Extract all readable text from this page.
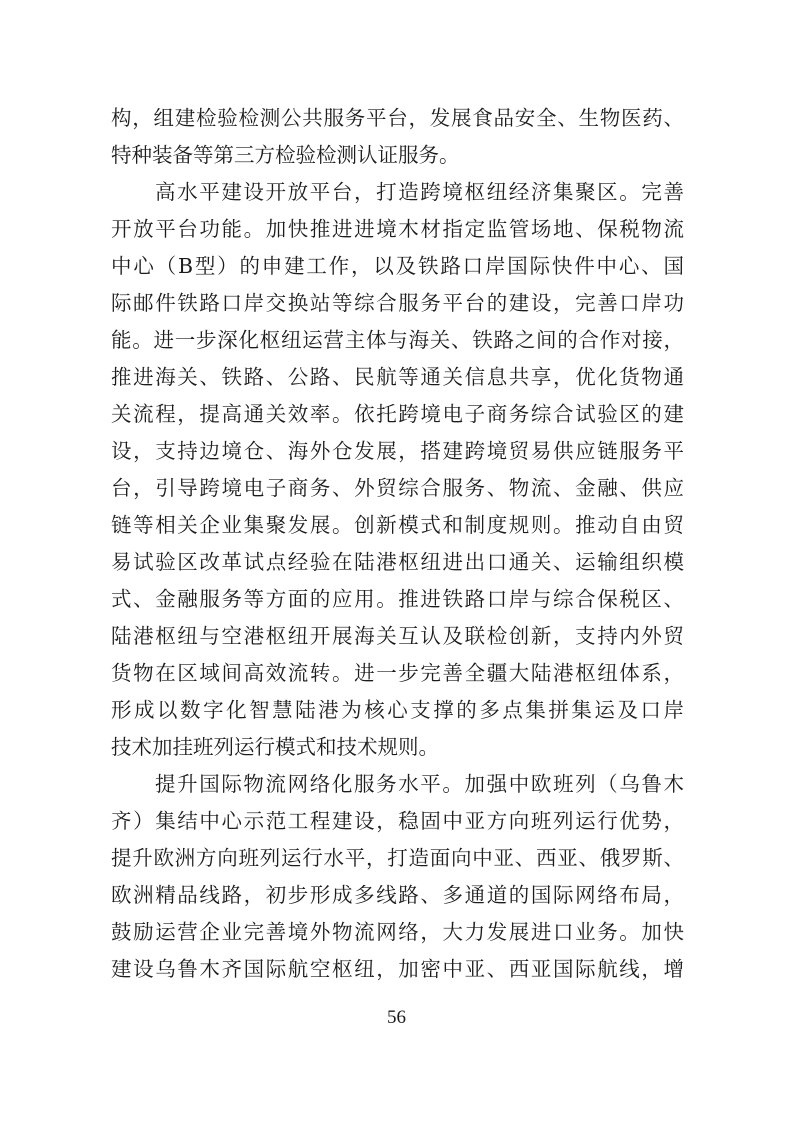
构，组建检验检测公共服务平台，发展食品安全、生物医药、
特种装备等第三方检验检测认证服务。
高水平建设开放平台，打造跨境枢纽经济集聚区。完善
开放平台功能。加快推进进境木材指定监管场地、保税物流
中心（B型）的申建工作，以及铁路口岸国际快件中心、国
际邮件铁路口岸交换站等综合服务平台的建设，完善口岸功
能。进一步深化枢纽运营主体与海关、铁路之间的合作对接，
推进海关、铁路、公路、民航等通关信息共享，优化货物通
关流程，提高通关效率。依托跨境电子商务综合试验区的建
设，支持边境仓、海外仓发展，搭建跨境贸易供应链服务平
台，引导跨境电子商务、外贸综合服务、物流、金融、供应
链等相关企业集聚发展。创新模式和制度规则。推动自由贸
易试验区改革试点经验在陆港枢纽进出口通关、运输组织模
式、金融服务等方面的应用。推进铁路口岸与综合保税区、
陆港枢纽与空港枢纽开展海关互认及联检创新，支持内外贸
货物在区域间高效流转。进一步完善全疆大陆港枢纽体系，
形成以数字化智慧陆港为核心支撑的多点集拼集运及口岸
技术加挂班列运行模式和技术规则。
提升国际物流网络化服务水平。加强中欧班列（乌鲁木
齐）集结中心示范工程建设，稳固中亚方向班列运行优势，
提升欧洲方向班列运行水平，打造面向中亚、西亚、俄罗斯、
欧洲精品线路，初步形成多线路、多通道的国际网络布局，
鼓励运营企业完善境外物流网络，大力发展进口业务。加快
建设乌鲁木齐国际航空枢纽，加密中亚、西亚国际航线，增
56
